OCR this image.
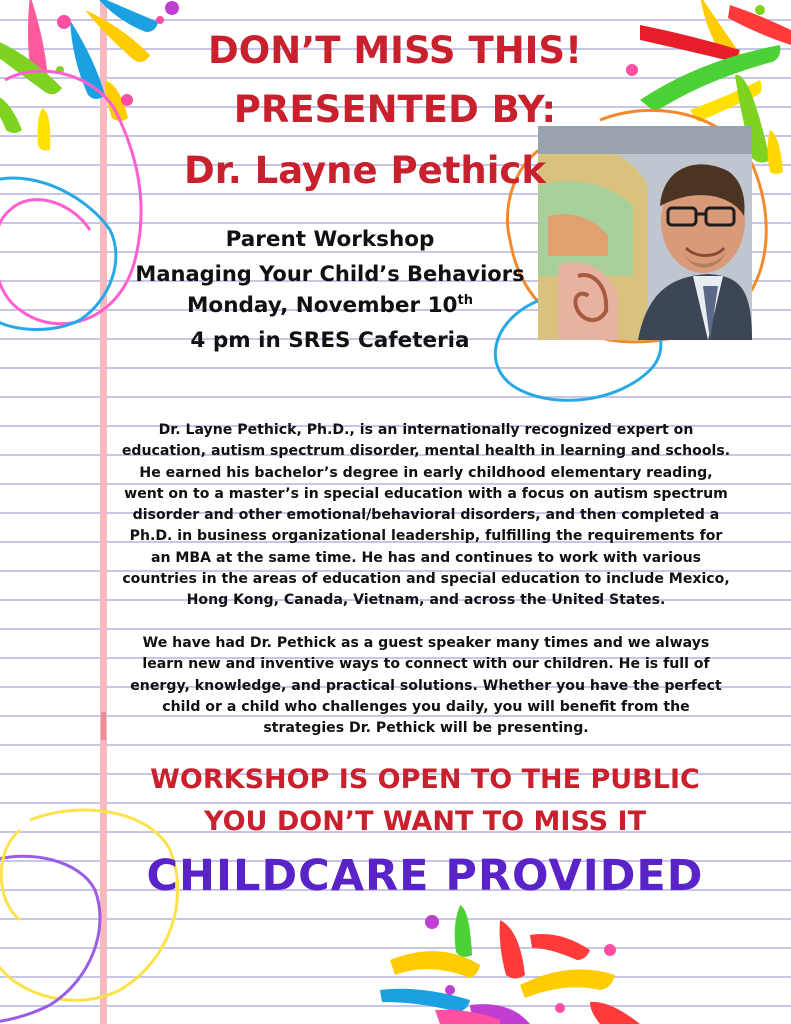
DON’T MISS THIS!
PRESENTED BY:
Dr. Layne Pethick
Parent Workshop
Managing Your Child’s Behaviors
Monday, November 10th
4 pm in SRES Cafeteria
Dr. Layne Pethick, Ph.D., is an internationally recognized expert on education, autism spectrum disorder, mental health in learning and schools. He earned his bachelor’s degree in early childhood elementary reading, went on to a master’s in special education with a focus on autism spectrum disorder and other emotional/behavioral disorders, and then completed a Ph.D. in business organizational leadership, fulfilling the requirements for an MBA at the same time. He has and continues to work with various countries in the areas of education and special education to include Mexico, Hong Kong, Canada, Vietnam, and across the United States.
We have had Dr. Pethick as a guest speaker many times and we always learn new and inventive ways to connect with our children. He is full of energy, knowledge, and practical solutions. Whether you have the perfect child or a child who challenges you daily, you will benefit from the strategies Dr. Pethick will be presenting.
WORKSHOP IS OPEN TO THE PUBLIC
YOU DON’T WANT TO MISS IT
CHILDCARE PROVIDED
